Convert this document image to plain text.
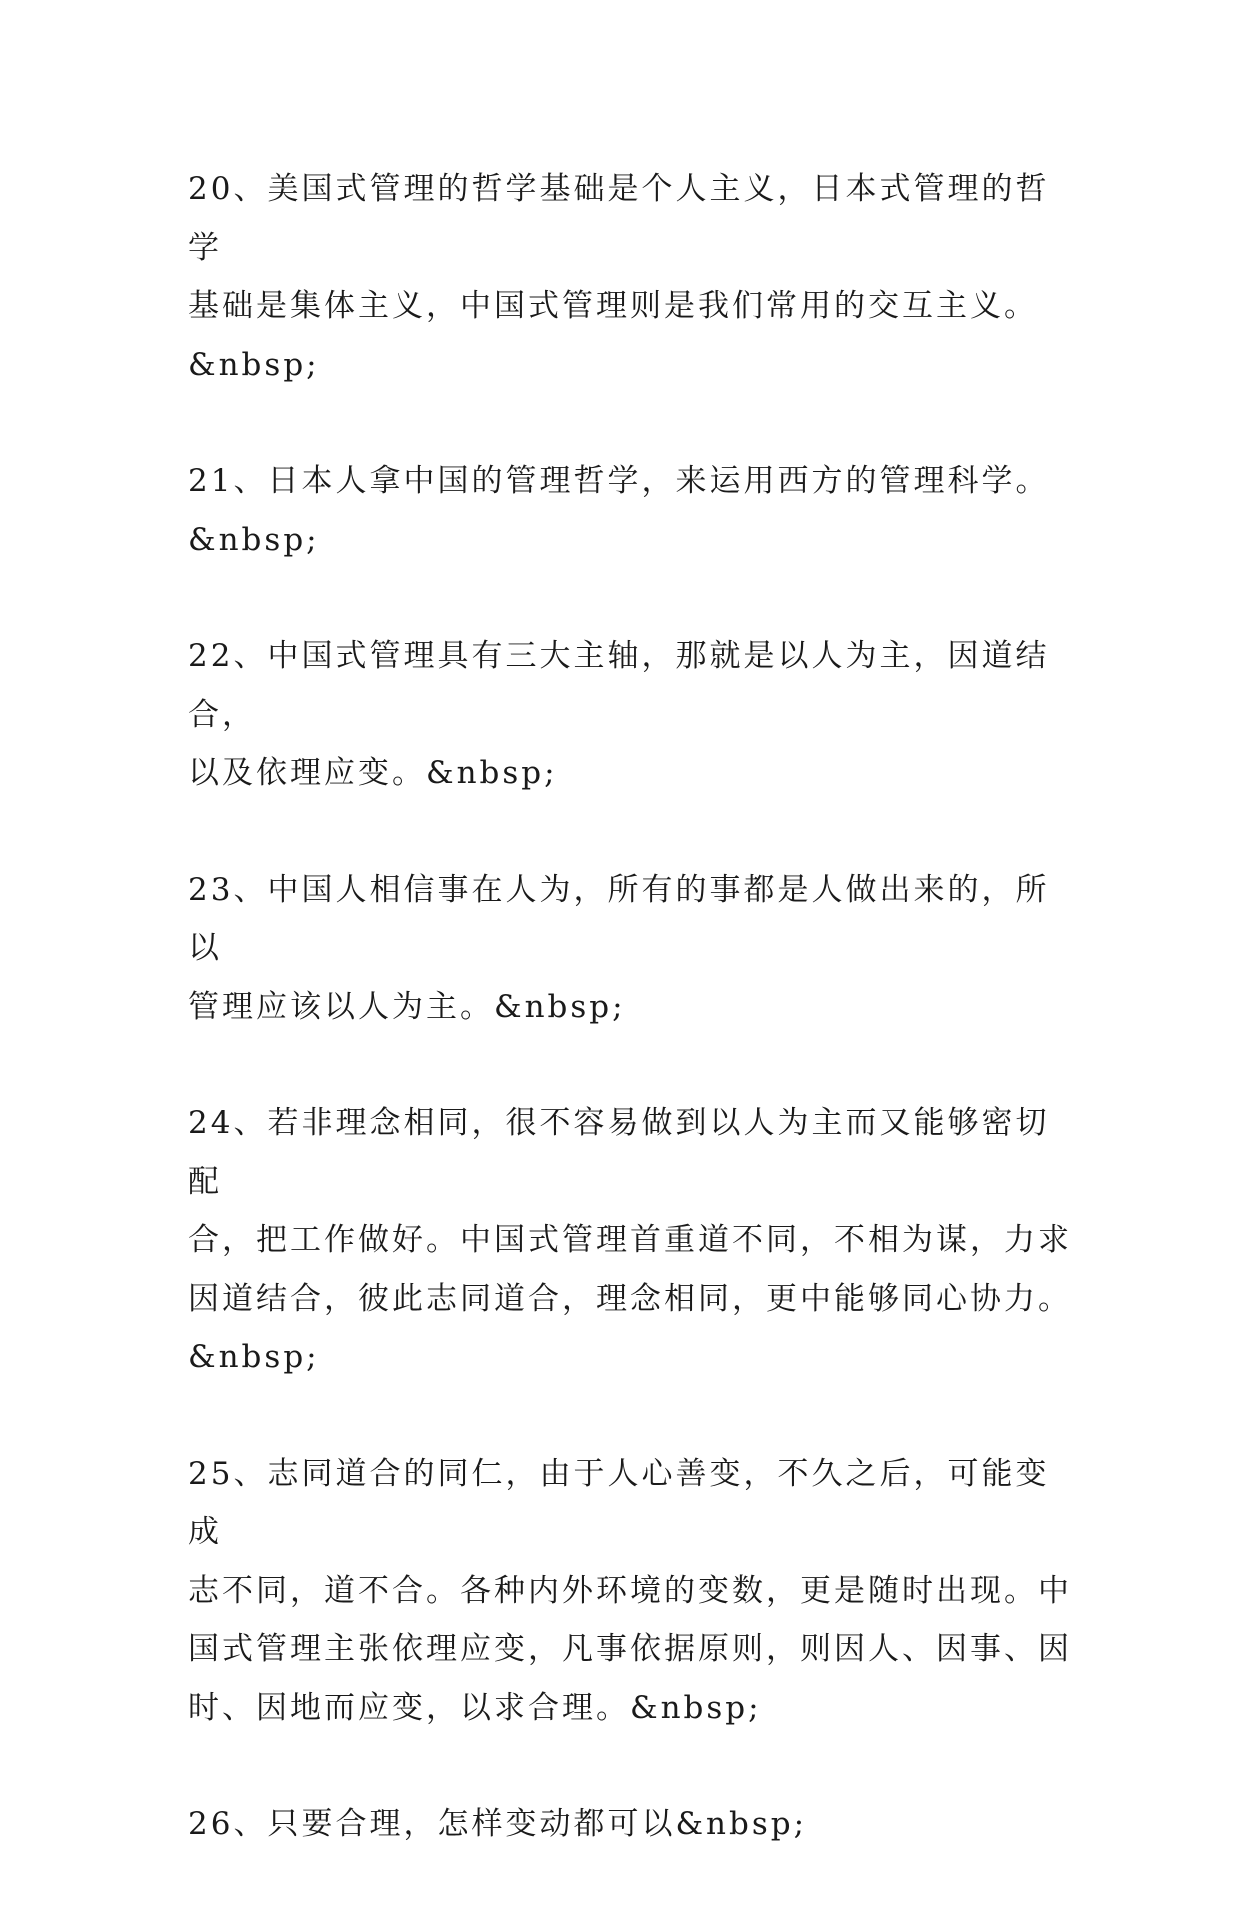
20、美国式管理的哲学基础是个人主义，日本式管理的哲学
基础是集体主义，中国式管理则是我们常用的交互主义。
&nbsp;

21、日本人拿中国的管理哲学，来运用西方的管理科学。
&nbsp;

22、中国式管理具有三大主轴，那就是以人为主，因道结合，
以及依理应变。&nbsp;

23、中国人相信事在人为，所有的事都是人做出来的，所以
管理应该以人为主。&nbsp;

24、若非理念相同，很不容易做到以人为主而又能够密切配
合，把工作做好。中国式管理首重道不同，不相为谋，力求
因道结合，彼此志同道合，理念相同，更中能够同心协力。
&nbsp;

25、志同道合的同仁，由于人心善变，不久之后，可能变成
志不同，道不合。各种内外环境的变数，更是随时出现。中
国式管理主张依理应变，凡事依据原则，则因人、因事、因
时、因地而应变，以求合理。&nbsp;

26、只要合理，怎样变动都可以&nbsp;
